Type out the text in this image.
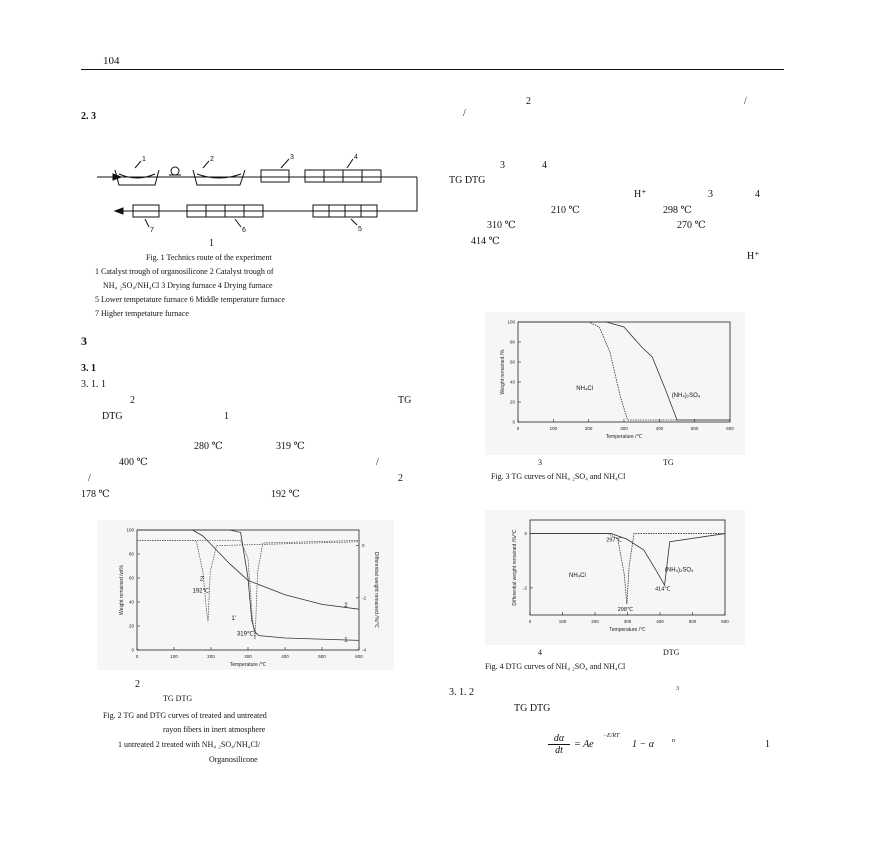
104
2. 3	/
1	2	3	4
5
6
7
1
Fig. 1 Technics route of the experiment
1 Catalyst trough of organosilicone 2 Catalyst trough of
NH₄ ₂SO₄/NH₄Cl 3 Drying furnace 4 Drying furnace
5 Lower tempetature furnace 6 Middle temperature furnace
7 Higher tempetature furnace
3
3. 1
3. 1. 1
2	TG
DTG	1
280 ℃	319 ℃
400 ℃	/
/	2
178 ℃	192 ℃
0	100	200	300	400	500	600
0
20
40
60
80
100
Temperature /℃
Weight remained /wt%
-4
-2
0
Differential weight remained /%/℃
1
2
1'
2'
192℃
319℃
2
TG DTG
Fig. 2 TG and DTG curves of treated and untreated
rayon fibers in inert atmosphere
1 untreated 2 treated with NH₄ ₂SO₄/NH₄Cl/
Organosilicone
2	/
3	4
TG DTG
H⁺	3	4
210 ℃	298 ℃
310 ℃	270 ℃
414 ℃
H⁺
0	100	200	300	400	500	600
0
20
40
60
80
100
Temperature /℃
Weight remained /%	NH₄Cl
(NH₄)₂SO₄
3	TG
Fig. 3 TG curves of NH₄ ₂SO₄ and NH₄Cl
0	100	200	300	400	500	600
-2
0
Temperature /℃
Differential weight remained /%/℃	297℃
298℃
414℃
NH₄Cl
(NH₄)₂SO₄
4	DTG
Fig. 4 DTG curves of NH₄ ₂SO₄ and NH₄Cl
3. 1. 2	3
TG DTG
$\frac{d\alpha}{dt} = Ae$
−E/RT
1 − α	n	1
